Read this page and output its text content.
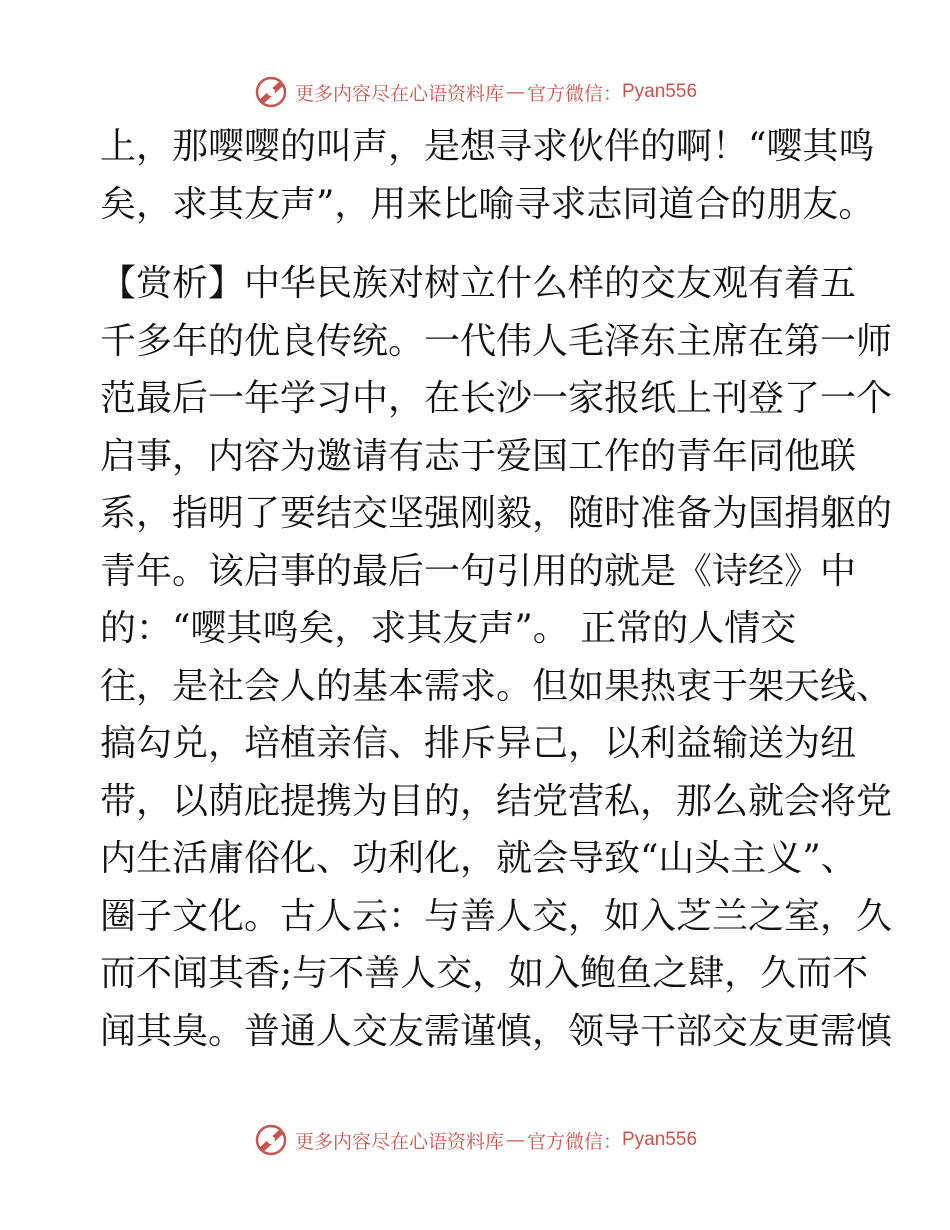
更多内容尽在心语资料库 — 官方微信： Pyan556
上，那嘤嘤的叫声，是想寻求伙伴的啊！“嘤其鸣
矣，求其友声”，用来比喻寻求志同道合的朋友。
【赏析】中华民族对树立什么样的交友观有着五
千多年的优良传统。一代伟人毛泽东主席在第一师
范最后一年学习中，在长沙一家报纸上刊登了一个
启事，内容为邀请有志于爱国工作的青年同他联
系，指明了要结交坚强刚毅，随时准备为国捐躯的
青年。该启事的最后一句引用的就是《诗经》中
的：“嘤其鸣矣，求其友声”。 正常的人情交
往，是社会人的基本需求。但如果热衷于架天线、
搞勾兑，培植亲信、排斥异己，以利益输送为纽
带，以荫庇提携为目的，结党营私，那么就会将党
内生活庸俗化、功利化，就会导致“山头主义”、
圈子文化。古人云：与善人交，如入芝兰之室，久
而不闻其香;与不善人交，如入鲍鱼之肆，久而不
闻其臭。普通人交友需谨慎，领导干部交友更需慎
更多内容尽在心语资料库 — 官方微信： Pyan556
